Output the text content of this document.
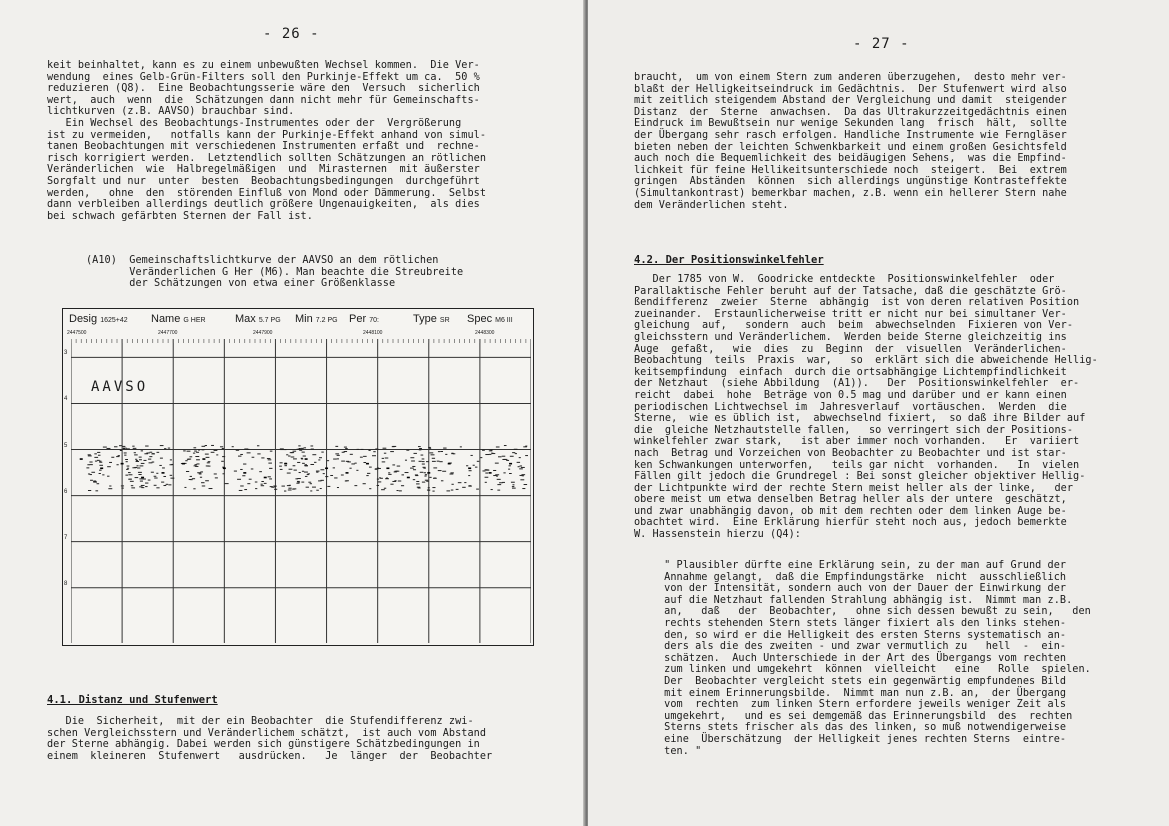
- 26 -
keit beinhaltet, kann es zu einem unbewußten Wechsel kommen.  Die Ver-
wendung  eines Gelb-Grün-Filters soll den Purkinje-Effekt um ca.  50 %
reduzieren (Q8).  Eine Beobachtungsserie wäre den  Versuch  sicherlich
wert,  auch  wenn  die  Schätzungen dann nicht mehr für Gemeinschafts-
lichtkurven (z.B. AAVSO) brauchbar sind.
Ein Wechsel des Beobachtungs-Instrumentes oder der  Vergrößerung
ist zu vermeiden,   notfalls kann der Purkinje-Effekt anhand von simul-
tanen Beobachtungen mit verschiedenen Instrumenten erfaßt und  rechne-
risch korrigiert werden.  Letztendlich sollten Schätzungen an rötlichen
Veränderlichen  wie  Halbregelmäßigen  und  Mirasternen  mit äußerster
Sorgfalt und nur  unter  besten  Beobachtungsbedingungen  durchgeführt
werden,   ohne  den  störenden Einfluß von Mond oder Dämmerung.  Selbst
dann verbleiben allerdings deutlich größere Ungenauigkeiten,  als dies
bei schwach gefärbten Sternen der Fall ist.
(A10)  Gemeinschaftslichtkurve der AAVSO an dem rötlichen
Veränderlichen G Her (M6). Man beachte die Streubreite
der Schätzungen von etwa einer Größenklasse
Desig 1625+42 Name G HER	Max 5.7 PG Min 7.2 PG Per 70:	Type SR Spec M6 III
2447500	2447700	2447900	2448100	2448300
AAVSO
3
4
5
6
7
8
4.1. Distanz und Stufenwert
Die  Sicherheit,  mit der ein Beobachter  die Stufendifferenz zwi-
schen Vergleichsstern und Veränderlichem schätzt,  ist auch vom Abstand
der Sterne abhängig. Dabei werden sich günstigere Schätzbedingungen in
einem  kleineren  Stufenwert   ausdrücken.   Je  länger  der  Beobachter
- 27 -
braucht,  um von einem Stern zum anderen überzugehen,  desto mehr ver-
blaßt der Helligkeitseindruck im Gedächtnis.  Der Stufenwert wird also
mit zeitlich steigendem Abstand der Vergleichung und damit  steigender
Distanz  der  Sterne  anwachsen.  Da das Ultrakurzzeitgedächtnis einen
Eindruck im Bewußtsein nur wenige Sekunden lang  frisch  hält,  sollte
der Übergang sehr rasch erfolgen. Handliche Instrumente wie Ferngläser
bieten neben der leichten Schwenkbarkeit und einem großen Gesichtsfeld
auch noch die Bequemlichkeit des beidäugigen Sehens,  was die Empfind-
lichkeit für feine Hellikeitsunterschiede noch  steigert.  Bei  extrem
gringen  Abständen  können  sich allerdings ungünstige Kontrasteffekte
(Simultankontrast) bemerkbar machen, z.B. wenn ein hellerer Stern nahe
dem Veränderlichen steht.
4.2. Der Positionswinkelfehler
Der 1785 von W.  Goodricke entdeckte  Positionswinkelfehler  oder
Parallaktische Fehler beruht auf der Tatsache, daß die geschätzte Grö-
ßendifferenz  zweier  Sterne  abhängig  ist von deren relativen Position
zueinander.  Erstaunlicherweise tritt er nicht nur bei simultaner Ver-
gleichung  auf,   sondern  auch  beim  abwechselnden  Fixieren von Ver-
gleichsstern und Veränderlichem.  Werden beide Sterne gleichzeitig ins
Auge  gefaßt,   wie  dies  zu  Beginn  der  visuellen  Veränderlichen-
Beobachtung  teils  Praxis  war,   so  erklärt sich die abweichende Hellig-
keitsempfindung  einfach  durch die ortsabhängige Lichtempfindlichkeit
der Netzhaut  (siehe Abbildung  (A1)).   Der  Positionswinkelfehler  er-
reicht  dabei  hohe  Beträge von 0.5 mag und darüber und er kann einen
periodischen Lichtwechsel im  Jahresverlauf  vortäuschen.  Werden  die
Sterne,  wie es üblich ist,  abwechselnd fixiert,  so daß ihre Bilder auf
die  gleiche Netzhautstelle fallen,   so verringert sich der Positions-
winkelfehler zwar stark,   ist aber immer noch vorhanden.   Er  variiert
nach  Betrag und Vorzeichen von Beobachter zu Beobachter und ist star-
ken Schwankungen unterworfen,   teils gar nicht  vorhanden.   In  vielen
Fällen gilt jedoch die Grundregel : Bei sonst gleicher objektiver Hellig-
der Lichtpunkte wird der rechte Stern meist heller als der linke,   der
obere meist um etwa denselben Betrag heller als der untere  geschätzt,
und zwar unabhängig davon, ob mit dem rechten oder dem linken Auge be-
obachtet wird.  Eine Erklärung hierfür steht noch aus, jedoch bemerkte
W. Hassenstein hierzu (Q4):
" Plausibler dürfte eine Erklärung sein, zu der man auf Grund der
Annahme gelangt,  daß die Empfindungstärke  nicht  ausschließlich
von der Intensität, sondern auch von der Dauer der Einwirkung der
auf die Netzhaut fallenden Strahlung abhängig ist.  Nimmt man z.B.
an,   daß   der  Beobachter,   ohne sich dessen bewußt zu sein,   den
rechts stehenden Stern stets länger fixiert als den links stehen-
den, so wird er die Helligkeit des ersten Sterns systematisch an-
ders als die des zweiten - und zwar vermutlich zu   hell  -  ein-
schätzen.  Auch Unterschiede in der Art des Übergangs vom rechten
zum linken und umgekehrt  können  vielleicht   eine   Rolle  spielen.
Der  Beobachter vergleicht stets ein gegenwärtig empfundenes Bild
mit einem Erinnerungsbilde.  Nimmt man nun z.B. an,  der Übergang
vom  rechten  zum linken Stern erfordere jeweils weniger Zeit als
umgekehrt,   und es sei demgemäß das Erinnerungsbild  des  rechten
Sterns stets frischer als das des linken, so muß notwendigerweise
eine  Überschätzung  der Helligkeit jenes rechten Sterns  eintre-
ten. "
